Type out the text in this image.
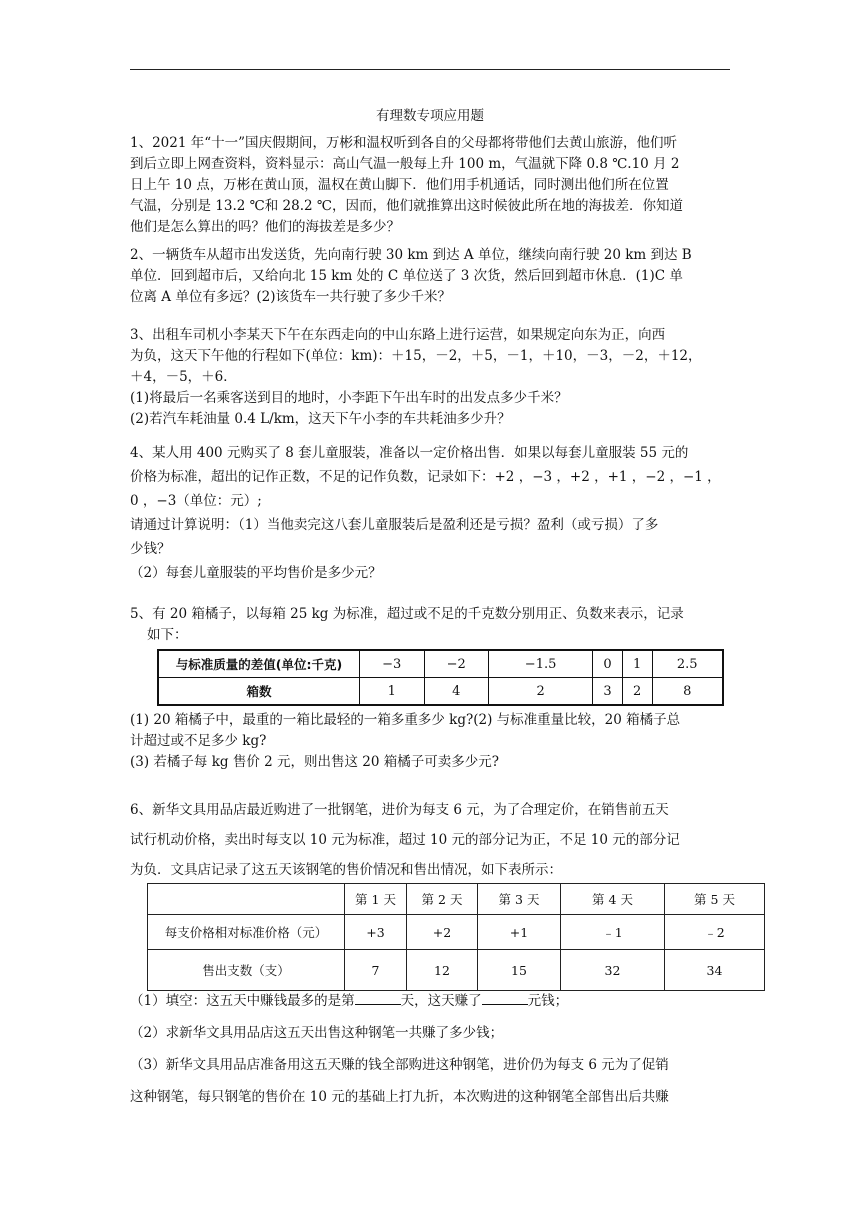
有理数专项应用题

1、2021 年“十一”国庆假期间，万彬和温权听到各自的父母都将带他们去黄山旅游，他们听

到后立即上网查资料，资料显示：高山气温一般每上升 100 m，气温就下降 0.8 ℃.10 月 2

日上午 10 点，万彬在黄山顶，温权在黄山脚下．他们用手机通话，同时测出他们所在位置

气温，分别是 13.2 ℃和 28.2 ℃，因而，他们就推算出这时候彼此所在地的海拔差．你知道

他们是怎么算出的吗？他们的海拔差是多少？

2、一辆货车从超市出发送货，先向南行驶 30 km 到达 A 单位，继续向南行驶 20 km 到达 B

单位．回到超市后，又给向北 15 km 处的 C 单位送了 3 次货，然后回到超市休息．(1)C 单

位离 A 单位有多远？(2)该货车一共行驶了多少千米？

3、出租车司机小李某天下午在东西走向的中山东路上进行运营，如果规定向东为正，向西

为负，这天下午他的行程如下(单位：km)：＋15，－2，＋5，－1，＋10，－3，－2，＋12，

＋4，－5，＋6．

(1)将最后一名乘客送到目的地时，小李距下午出车时的出发点多少千米？

(2)若汽车耗油量 0.4 L/km，这天下午小李的车共耗油多少升？

4、某人用 400 元购买了 8 套儿童服装，准备以一定价格出售．如果以每套儿童服装 55 元的

价格为标准，超出的记作正数，不足的记作负数，记录如下：+2 ，−3 ，+2 ，+1 ，−2 ，−1 ，

0 ，−3（单位：元）;

请通过计算说明：（1）当他卖完这八套儿童服装后是盈利还是亏损？盈利（或亏损）了多

少钱？

（2）每套儿童服装的平均售价是多少元？

5、有 20 箱橘子，以每箱 25 kg 为标准，超过或不足的千克数分别用正、负数来表示，记录

如下：

与标准质量的差值(单位:千克)	−3	−2	−1.5	0	1	2.5
箱数	1	4	2	3	2	8

(1) 20 箱橘子中，最重的一箱比最轻的一箱多重多少 kg?(2) 与标准重量比较，20 箱橘子总

计超过或不足多少 kg?

(3) 若橘子每 kg 售价 2 元，则出售这 20 箱橘子可卖多少元?

6、新华文具用品店最近购进了一批钢笔，进价为每支 6 元，为了合理定价，在销售前五天

试行机动价格，卖出时每支以 10 元为标准，超过 10 元的部分记为正，不足 10 元的部分记

为负．文具店记录了这五天该钢笔的售价情况和售出情况，如下表所示：

	第 1 天	第 2 天	第 3 天	第 4 天	第 5 天
每支价格相对标准价格（元）	+3	+2	+1	﹣1	﹣2
售出支数（支）	7	12	15	32	34

（1）填空：这五天中赚钱最多的是第	天，这天赚了	元钱；

（2）求新华文具用品店这五天出售这种钢笔一共赚了多少钱；

（3）新华文具用品店准备用这五天赚的钱全部购进这种钢笔，进价仍为每支 6 元为了促销

这种钢笔，每只钢笔的售价在 10 元的基础上打九折，本次购进的这种钢笔全部售出后共赚
